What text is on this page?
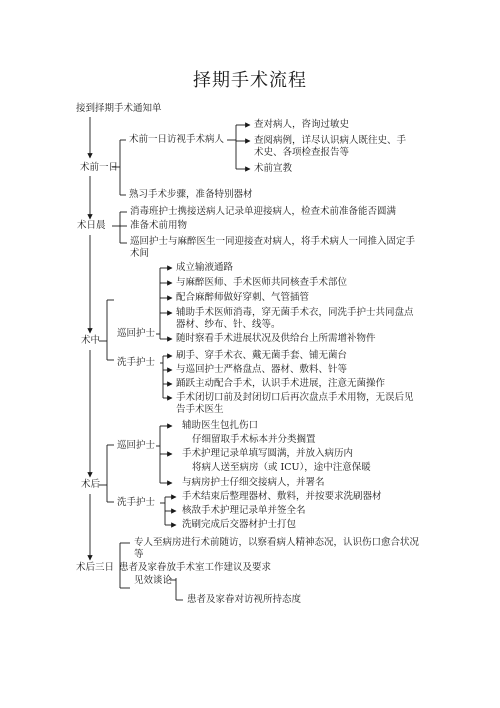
择期手术流程
接到择期手术通知单
术前一日
术日晨
术中
术后
术后三日
术前一日访视手术病人
查对病人，咨询过敏史
查阅病例，详尽认识病人既往史、手术史、各项检查报告等
术前宣教
熟习手术步骤，准备特别器材
消毒班护士携接送病人记录单迎接病人，检查术前准备能否圆满
准备术前用物
巡回护士与麻醉医生一同迎接查对病人，将手术病人一同推入固定手术间
巡回护士
成立输液通路
与麻醉医师、手术医师共同核查手术部位
配合麻醉师做好穿刺、气管插管
辅助手术医师消毒，穿无菌手术衣，同洗手护士共同盘点器材、纱布、针、线等。
随时察看手术进展状况及供给台上所需增补物件
洗手护士
刷手、穿手术衣、戴无菌手套、铺无菌台
与巡回护士严格盘点、器材、敷料、针等
踊跃主动配合手术，认识手术进展，注意无菌操作
手术闭切口前及封闭切口后再次盘点手术用物，无误后见告手术医生
巡回护士
辅助医生包扎伤口
仔细留取手术标本并分类搁置
手术护理记录单填写圆满，并放入病历内
将病人送至病房（或 ICU），途中注意保暖
与病房护士仔细交接病人，并署名
洗手护士
手术结束后整理器材、敷料，并按要求洗刷器材
核敌手术护理记录单并签全名
洗刷完成后交器材护士打包
专人至病房进行术前随访，以察看病人精神态况，认识伤口愈合状况等
患者及家眷放手术室工作建议及要求
见效谈论
患者及家眷对访视所持态度
